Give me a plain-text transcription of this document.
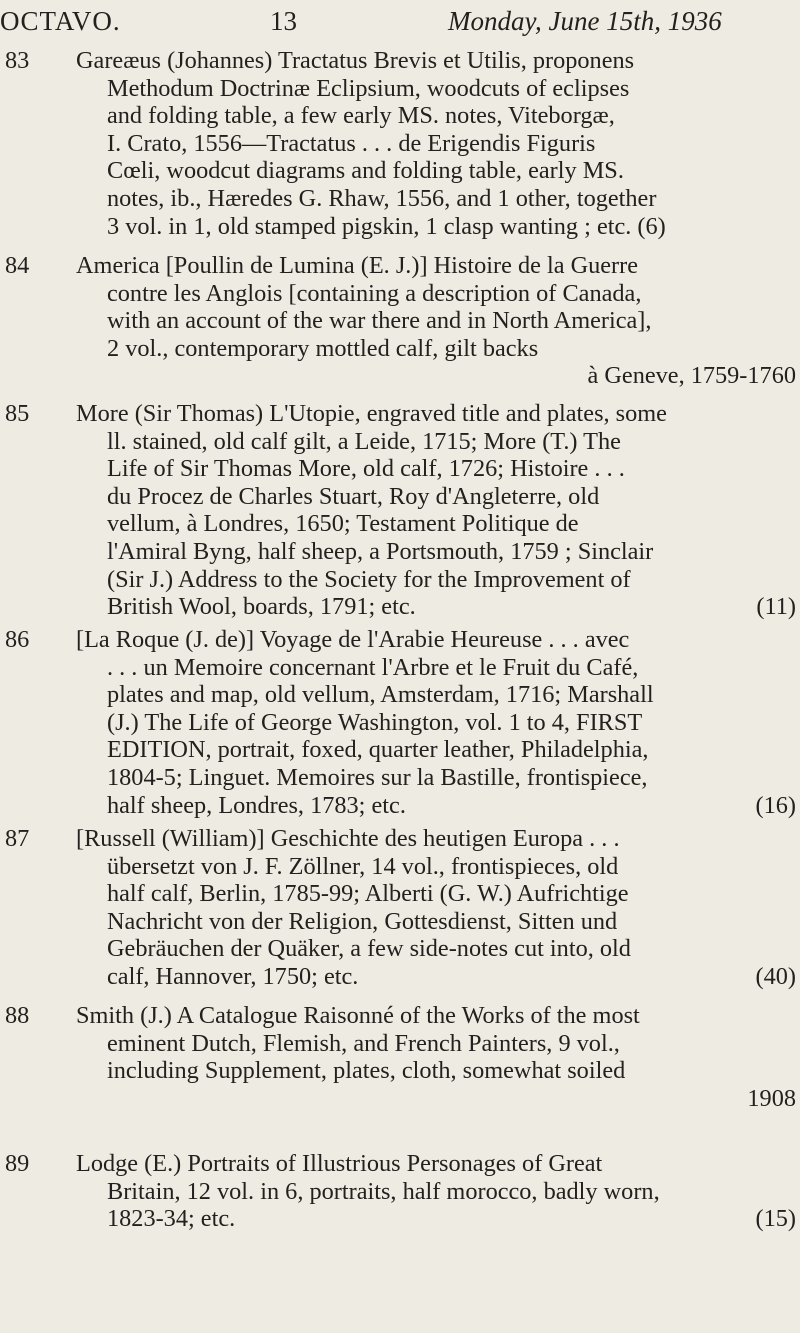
OCTAVO.	13	Monday, June 15th, 1936
83 Gareæus (Johannes) Tractatus Brevis et Utilis, proponens
Methodum Doctrinæ Eclipsium, woodcuts of eclipses
and folding table, a few early MS. notes, Viteborgæ,
I. Crato, 1556—Tractatus . . . de Erigendis Figuris
Cœli, woodcut diagrams and folding table, early MS.
notes, ib., Hæredes G. Rhaw, 1556, and 1 other, together
3 vol. in 1, old stamped pigskin, 1 clasp wanting ; etc. (6)
84 America [Poullin de Lumina (E. J.)] Histoire de la Guerre
contre les Anglois [containing a description of Canada,
with an account of the war there and in North America],
2 vol., contemporary mottled calf, gilt backs
à Geneve, 1759-1760
85 More (Sir Thomas) L'Utopie, engraved title and plates, some
ll. stained, old calf gilt, a Leide, 1715; More (T.) The
Life of Sir Thomas More, old calf, 1726; Histoire . . .
du Procez de Charles Stuart, Roy d'Angleterre, old
vellum, à Londres, 1650; Testament Politique de
l'Amiral Byng, half sheep, a Portsmouth, 1759 ; Sinclair
(Sir J.) Address to the Society for the Improvement of
British Wool, boards, 1791; etc.	(11)
86 [La Roque (J. de)] Voyage de l'Arabie Heureuse . . . avec
. . . un Memoire concernant l'Arbre et le Fruit du Café,
plates and map, old vellum, Amsterdam, 1716; Marshall
(J.) The Life of George Washington, vol. 1 to 4, FIRST
EDITION, portrait, foxed, quarter leather, Philadelphia,
1804-5; Linguet. Memoires sur la Bastille, frontispiece,
half sheep, Londres, 1783; etc.	(16)
87 [Russell (William)] Geschichte des heutigen Europa . . .
übersetzt von J. F. Zöllner, 14 vol., frontispieces, old
half calf, Berlin, 1785-99; Alberti (G. W.) Aufrichtige
Nachricht von der Religion, Gottesdienst, Sitten und
Gebräuchen der Quäker, a few side-notes cut into, old
calf, Hannover, 1750; etc.	(40)
88 Smith (J.) A Catalogue Raisonné of the Works of the most
eminent Dutch, Flemish, and French Painters, 9 vol.,
including Supplement, plates, cloth, somewhat soiled
1908
89 Lodge (E.) Portraits of Illustrious Personages of Great
Britain, 12 vol. in 6, portraits, half morocco, badly worn,
1823-34; etc.	(15)
